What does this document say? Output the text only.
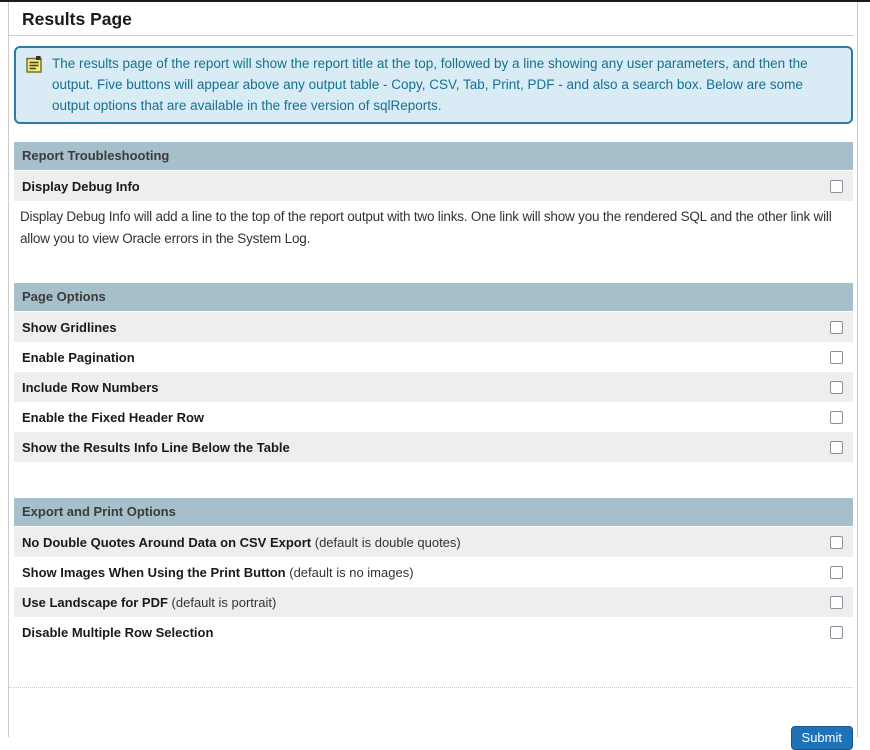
Results Page
The results page of the report will show the report title at the top, followed by a line showing any user parameters, and then the output. Five buttons will appear above any output table - Copy, CSV, Tab, Print, PDF - and also a search box. Below are some output options that are available in the free version of sqlReports.
Report Troubleshooting
Display Debug Info
Display Debug Info will add a line to the top of the report output with two links. One link will show you the rendered SQL and the other link will allow you to view Oracle errors in the System Log.
Page Options
Show Gridlines
Enable Pagination
Include Row Numbers
Enable the Fixed Header Row
Show the Results Info Line Below the Table
Export and Print Options
No Double Quotes Around Data on CSV Export (default is double quotes)
Show Images When Using the Print Button (default is no images)
Use Landscape for PDF (default is portrait)
Disable Multiple Row Selection
Submit
